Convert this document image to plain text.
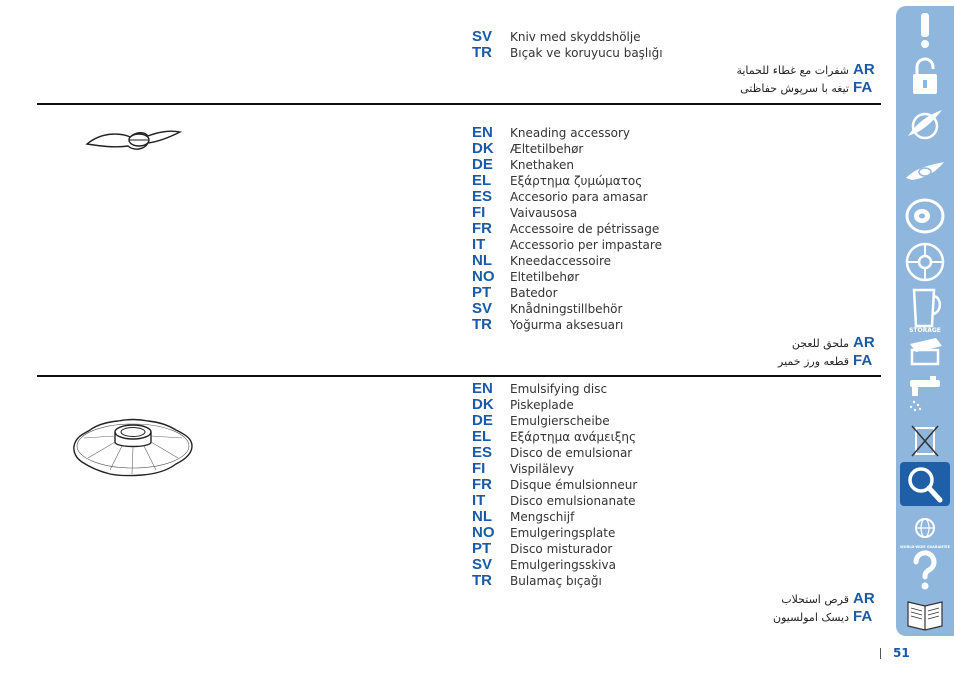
SV $^{Kniv med skyddshölje}$
TR $^{Bıçak ve koruyucu başlığı}$
شفرات مع غطاء للحماية AR
تيغه با سرپوش حفاظتی FA
EN $^{Kneading accessory}$
DK $^{Æltetilbehør}$
DE $^{Knethaken}$
EL $^{E\xi ά\rho\tau\eta\mu\alpha \zeta\upsilon\mu ώ\mu\alpha\tau o\varsigma}$
ES $^{Accesorio para amasar}$
FI $^{Vaivausosa}$
FR $^{Accessoire de pétrissage}$
IT $^{Accessorio per impastare}$
NL $^{Kneedaccessoire}$
NO $^{Eltetilbehør}$
PT $^{Batedor}$
SV $^{Knådningstillbehör}$
TR $^{Yoğurma aksesuarı}$
ملحق للعجن AR
قطعه ورز خمیر FA
EN $^{Emulsifying disc}$
DK $^{Piskeplade}$
DE $^{Emulgierscheibe}$
EL $^{E\xi ά\rho\tau\eta\mu\alpha \alpha\nu ά\mu\varepsilon\iota\xi\eta\varsigma}$
ES $^{Disco de emulsionar}$
FI $^{Vispilälevy}$
FR $^{Disque émulsionneur}$
IT $^{Disco emulsionanate}$
NL $^{Mengschijf}$
NO $^{Emulgeringsplate}$
PT $^{Disco misturador}$
SV $^{Emulgeringsskiva}$
TR $^{Bulamaç bıçağı}$
قرص استحلاب AR
دیسک امولسیون FA
51
STORAGE
WORLD-WIDE GUARANTEE
